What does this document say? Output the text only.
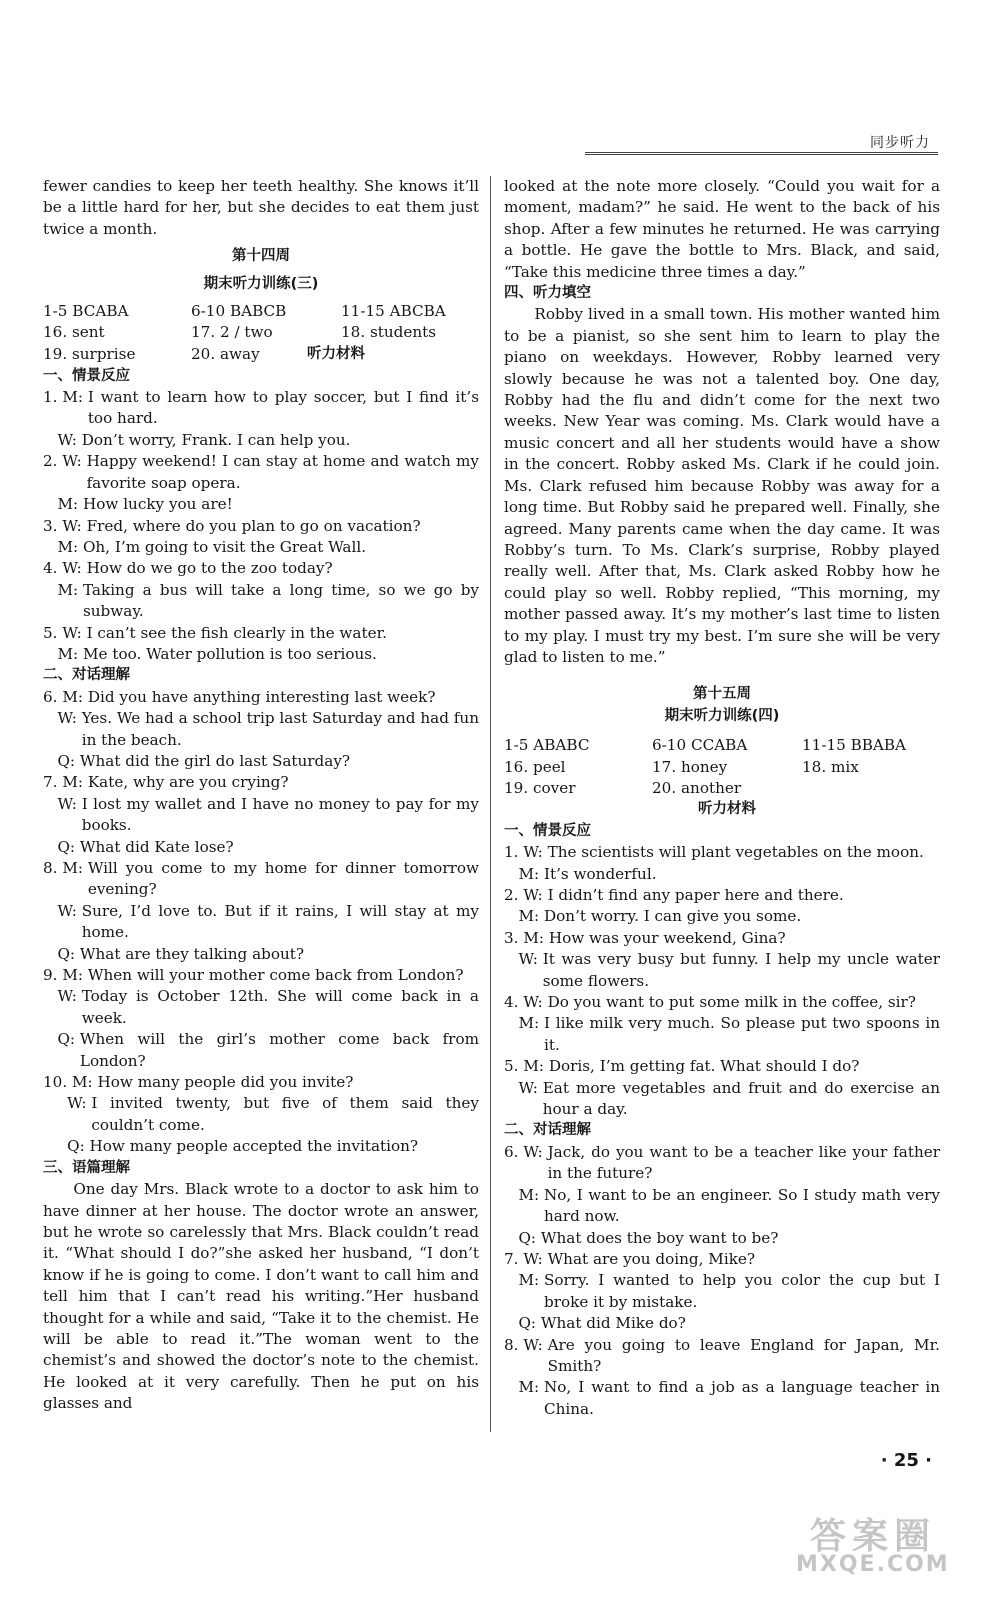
同步听力

fewer candies to keep her teeth healthy. She knows it’ll be a little hard for her, but she decides to eat them just twice a month.

第十四周

期末听力训练(三)

1-5 BCABA	6-10 BABCB	11-15 ABCBA
16. sent	17. 2 / two	18. students
19. surprise	20. away	听力材料

一、情景反应

1. M: I want to learn how to play soccer, but I find it’s too hard.
W: Don’t worry, Frank. I can help you.
2. W: Happy weekend! I can stay at home and watch my favorite soap opera.
M: How lucky you are!
3. W: Fred, where do you plan to go on vacation?
M: Oh, I’m going to visit the Great Wall.
4. W: How do we go to the zoo today?
M: Taking a bus will take a long time, so we go by subway.
5. W: I can’t see the fish clearly in the water.
M: Me too. Water pollution is too serious.

二、对话理解

6. M: Did you have anything interesting last week?
W: Yes. We had a school trip last Saturday and had fun in the beach.
Q: What did the girl do last Saturday?
7. M: Kate, why are you crying?
W: I lost my wallet and I have no money to pay for my books.
Q: What did Kate lose?
8. M: Will you come to my home for dinner tomorrow evening?
W: Sure, I’d love to. But if it rains, I will stay at my home.
Q: What are they talking about?
9. M: When will your mother come back from London?
W: Today is October 12th. She will come back in a week.
Q: When will the girl’s mother come back from London?
10. M: How many people did you invite?
W: I invited twenty, but five of them said they couldn’t come.
Q: How many people accepted the invitation?

三、语篇理解

One day Mrs. Black wrote to a doctor to ask him to have dinner at her house. The doctor wrote an answer, but he wrote so carelessly that Mrs. Black couldn’t read it. “What should I do?”she asked her husband, “I don’t know if he is going to come. I don’t want to call him and tell him that I can’t read his writing.”Her husband thought for a while and said, “Take it to the chemist. He will be able to read it.”The woman went to the chemist’s and showed the doctor’s note to the chemist. He looked at it very carefully. Then he put on his glasses and

looked at the note more closely. “Could you wait for a moment, madam?” he said. He went to the back of his shop. After a few minutes he returned. He was carrying a bottle. He gave the bottle to Mrs. Black, and said, “Take this medicine three times a day.”

四、听力填空

Robby lived in a small town. His mother wanted him to be a pianist, so she sent him to learn to play the piano on weekdays. However, Robby learned very slowly because he was not a talented boy. One day, Robby had the flu and didn’t come for the next two weeks. New Year was coming. Ms. Clark would have a music concert and all her students would have a show in the concert. Robby asked Ms. Clark if he could join. Ms. Clark refused him because Robby was away for a long time. But Robby said he prepared well. Finally, she agreed. Many parents came when the day came. It was Robby’s turn. To Ms. Clark’s surprise, Robby played really well. After that, Ms. Clark asked Robby how he could play so well. Robby replied, “This morning, my mother passed away. It’s my mother’s last time to listen to my play. I must try my best. I’m sure she will be very glad to listen to me.”

第十五周

期末听力训练(四)

1-5 ABABC	6-10 CCABA	11-15 BBABA
16. peel	17. honey	18. mix
19. cover	20. another

听力材料

一、情景反应

1. W: The scientists will plant vegetables on the moon.
M: It’s wonderful.
2. W: I didn’t find any paper here and there.
M: Don’t worry. I can give you some.
3. M: How was your weekend, Gina?
W: It was very busy but funny. I help my uncle water some flowers.
4. W: Do you want to put some milk in the coffee, sir?
M: I like milk very much. So please put two spoons in it.
5. M: Doris, I’m getting fat. What should I do?
W: Eat more vegetables and fruit and do exercise an hour a day.

二、对话理解

6. W: Jack, do you want to be a teacher like your father in the future?
M: No, I want to be an engineer. So I study math very hard now.
Q: What does the boy want to be?
7. W: What are you doing, Mike?
M: Sorry. I wanted to help you color the cup but I broke it by mistake.
Q: What did Mike do?
8. W: Are you going to leave England for Japan, Mr. Smith?
M: No, I want to find a job as a language teacher in China.
· 25 ·
答案圈
MXQE.COM
